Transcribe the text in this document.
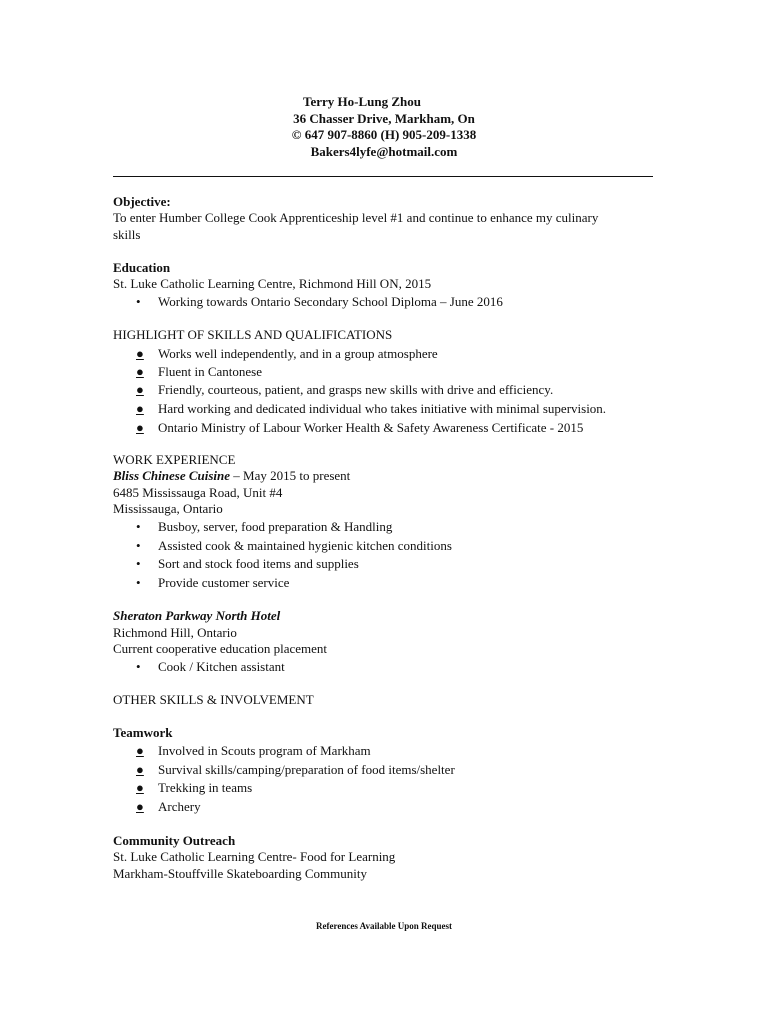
Terry Ho-Lung Zhou
36 Chasser Drive, Markham, On
© 647 907-8860 (H) 905-209-1338
Bakers4lyfe@hotmail.com
Objective:
To enter Humber College Cook Apprenticeship level #1 and continue to enhance my culinary
skills
Education
St. Luke Catholic Learning Centre, Richmond Hill ON, 2015
• Working towards Ontario Secondary School Diploma – June 2016
HIGHLIGHT OF SKILLS AND QUALIFICATIONS
● Works well independently, and in a group atmosphere
● Fluent in Cantonese
● Friendly, courteous, patient, and grasps new skills with drive and efficiency.
● Hard working and dedicated individual who takes initiative with minimal supervision.
● Ontario Ministry of Labour Worker Health & Safety Awareness Certificate - 2015
WORK EXPERIENCE
Bliss Chinese Cuisine – May 2015 to present
6485 Mississauga Road, Unit #4
Mississauga, Ontario
• Busboy, server, food preparation & Handling
• Assisted cook & maintained hygienic kitchen conditions
• Sort and stock food items and supplies
• Provide customer service
Sheraton Parkway North Hotel
Richmond Hill, Ontario
Current cooperative education placement
• Cook / Kitchen assistant
OTHER SKILLS & INVOLVEMENT
Teamwork
● Involved in Scouts program of Markham
● Survival skills/camping/preparation of food items/shelter
● Trekking in teams
● Archery
Community Outreach
St. Luke Catholic Learning Centre- Food for Learning
Markham-Stouffville Skateboarding Community
References Available Upon Request
